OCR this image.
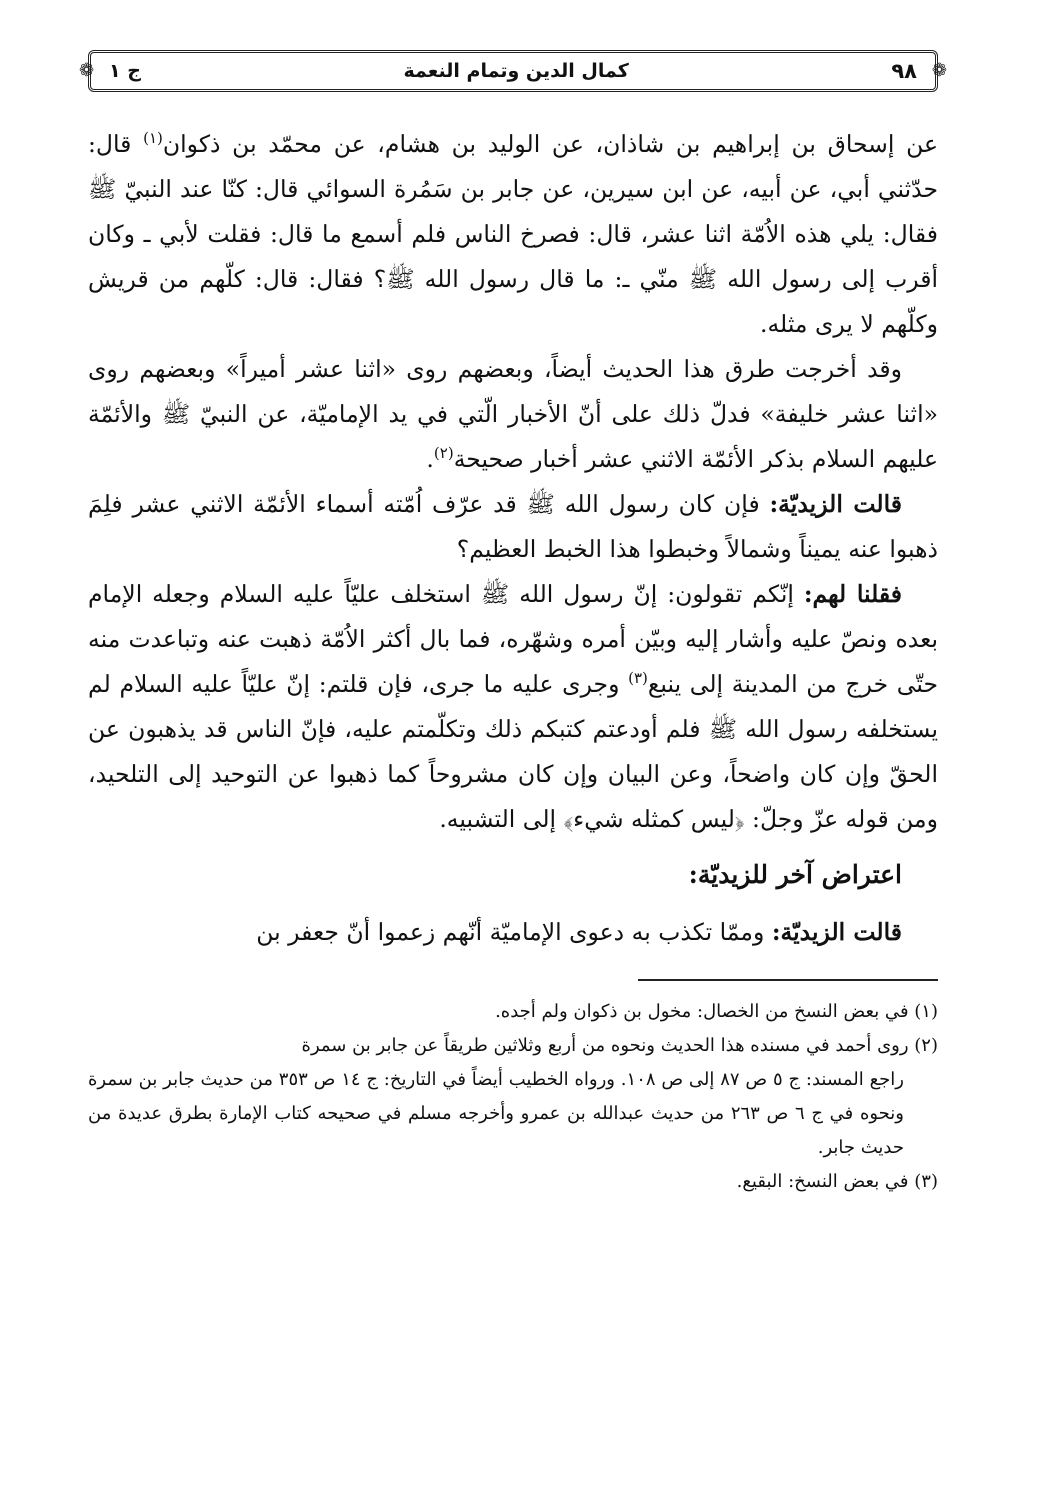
❁
٩٨
كمال الدين وتمام النعمة
ج ١
❁

عن إسحاق بن إبراهيم بن شاذان، عن الوليد بن هشام، عن محمّد بن ذكوان$^{(١)}$ قال: حدّثني أبي، عن أبيه، عن ابن سيرين، عن جابر بن سَمُرة السوائي قال: كنّا عند النبيّ ﷺ فقال: يلي هذه الاُمّة اثنا عشر، قال: فصرخ الناس فلم أسمع ما قال: فقلت لأبي ـ وكان أقرب إلى رسول الله ﷺ منّي ـ: ما قال رسول الله ﷺ؟ فقال: قال: كلّهم من قريش وكلّهم لا يرى مثله.

وقد أخرجت طرق هذا الحديث أيضاً، وبعضهم روى «اثنا عشر أميراً» وبعضهم روى «اثنا عشر خليفة» فدلّ ذلك على أنّ الأخبار الّتي في يد الإماميّة، عن النبيّ ﷺ والأئمّة عليهم السلام بذكر الأئمّة الاثني عشر أخبار صحيحة$^{(٢)}$.

قالت الزيديّة: فإن كان رسول الله ﷺ قد عرّف اُمّته أسماء الأئمّة الاثني عشر فلِمَ ذهبوا عنه يميناً وشمالاً وخبطوا هذا الخبط العظيم؟

فقلنا لهم: إنّكم تقولون: إنّ رسول الله ﷺ استخلف عليّاً عليه السلام وجعله الإمام بعده ونصّ عليه وأشار إليه وبيّن أمره وشهّره، فما بال أكثر الاُمّة ذهبت عنه وتباعدت منه حتّى خرج من المدينة إلى ينبع$^{(٣)}$ وجرى عليه ما جرى، فإن قلتم: إنّ عليّاً عليه السلام لم يستخلفه رسول الله ﷺ فلم أودعتم كتبكم ذلك وتكلّمتم عليه، فإنّ الناس قد يذهبون عن الحقّ وإن كان واضحاً، وعن البيان وإن كان مشروحاً كما ذهبوا عن التوحيد إلى التلحيد، ومن قوله عزّ وجلّ: ﴿ليس كمثله شيء﴾ إلى التشبيه.

اعتراض آخر للزيديّة:

قالت الزيديّة: وممّا تكذب به دعوى الإماميّة أنّهم زعموا أنّ جعفر بن

(١) في بعض النسخ من الخصال: مخول بن ذكوان ولم أجده.

(٢) روى أحمد في مسنده هذا الحديث ونحوه من أربع وثلاثين طريقاً عن جابر بن سمرة

راجع المسند: ج ٥ ص ٨٧ إلى ص ١٠٨. ورواه الخطيب أيضاً في التاريخ: ج ١٤ ص ٣٥٣ من حديث جابر بن سمرة ونحوه في ج ٦ ص ٢٦٣ من حديث عبدالله بن عمرو وأخرجه مسلم في صحيحه كتاب الإمارة بطرق عديدة من حديث جابر.

(٣) في بعض النسخ: البقيع.
